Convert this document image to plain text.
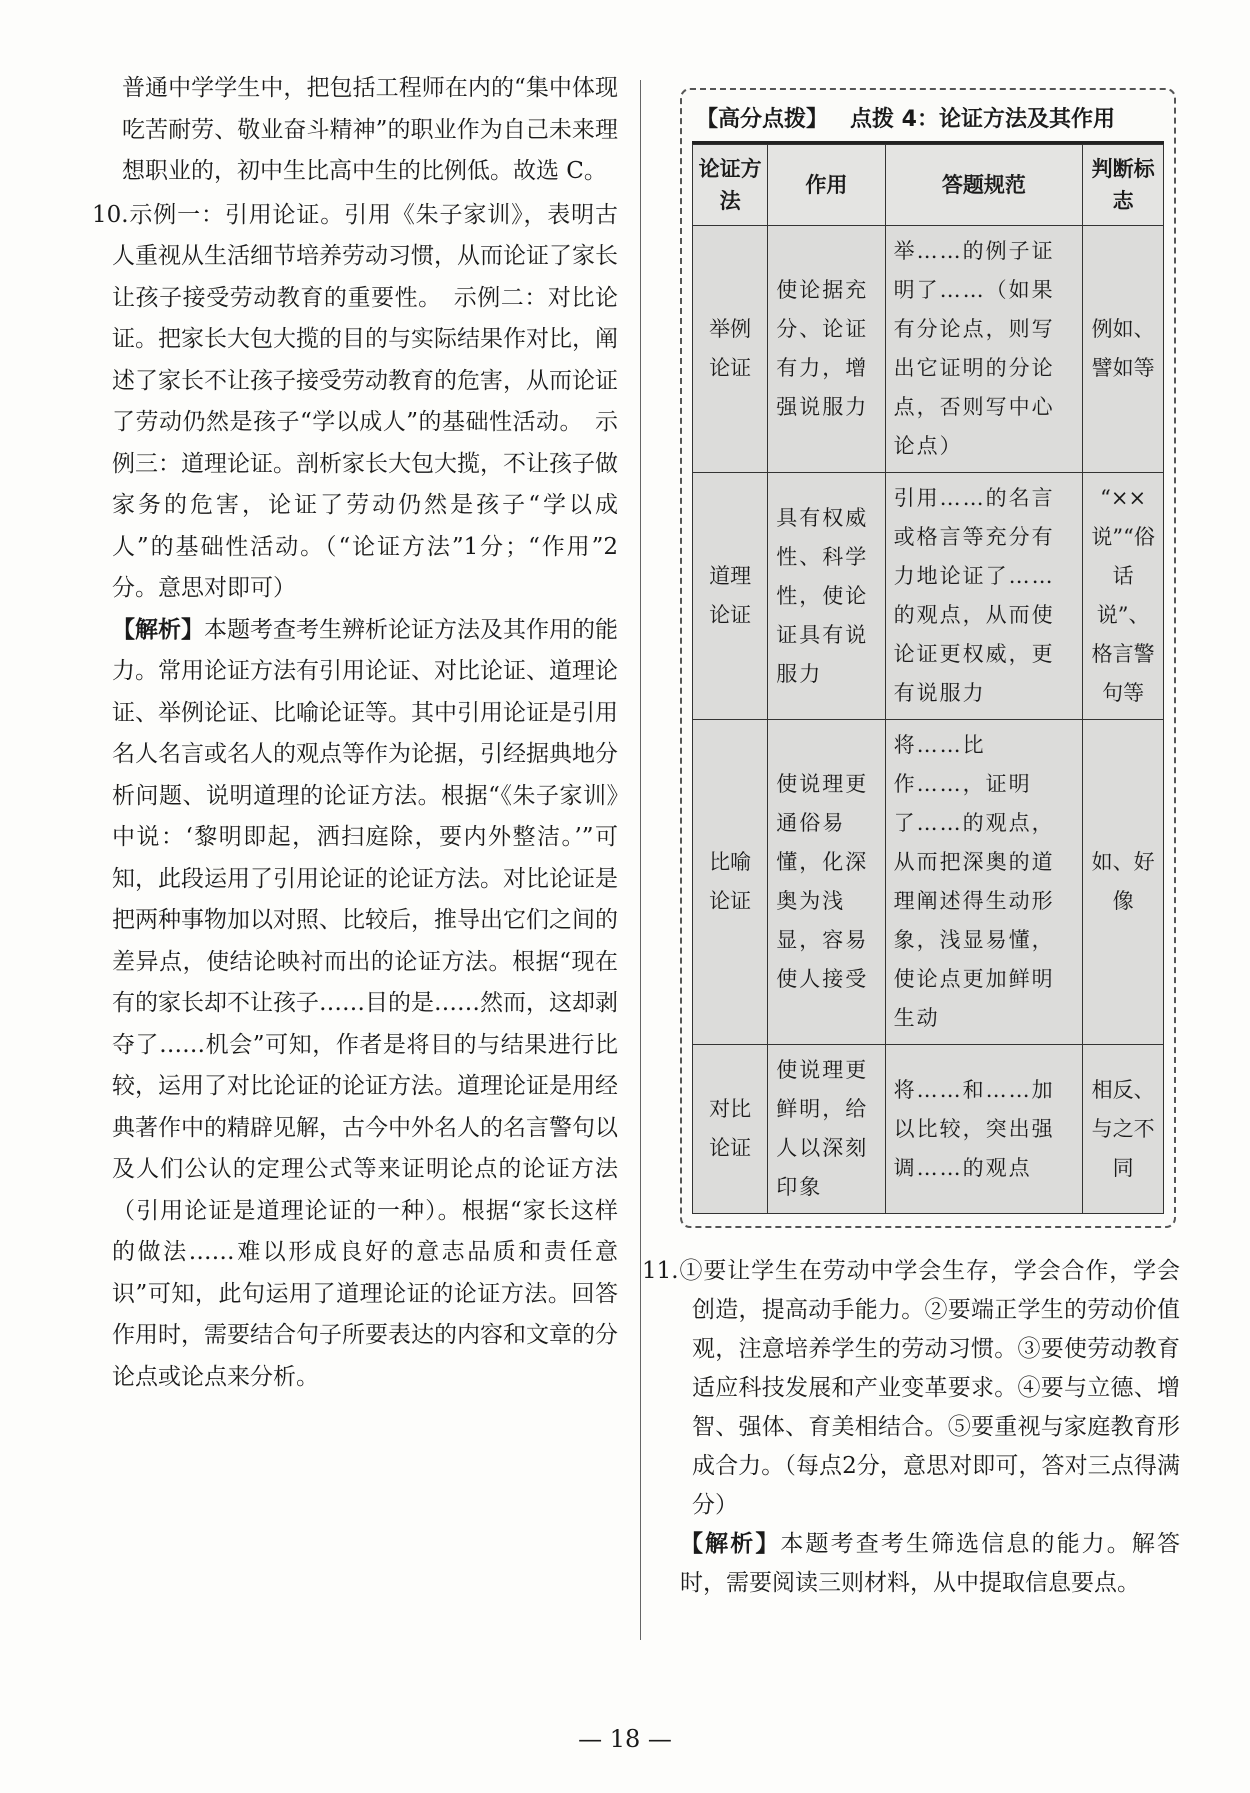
普通中学学生中，把包括工程师在内的“集中体现吃苦耐劳、敬业奋斗精神”的职业作为自己未来理想职业的，初中生比高中生的比例低。故选 C。

10.示例一：引用论证。引用《朱子家训》，表明古人重视从生活细节培养劳动习惯，从而论证了家长让孩子接受劳动教育的重要性。　示例二：对比论证。把家长大包大揽的目的与实际结果作对比，阐述了家长不让孩子接受劳动教育的危害，从而论证了劳动仍然是孩子“学以成人”的基础性活动。　示例三：道理论证。剖析家长大包大揽，不让孩子做家务的危害，论证了劳动仍然是孩子“学以成人”的基础性活动。（“论证方法”1分；“作用”2分。意思对即可）

【解析】本题考查考生辨析论证方法及其作用的能力。常用论证方法有引用论证、对比论证、道理论证、举例论证、比喻论证等。其中引用论证是引用名人名言或名人的观点等作为论据，引经据典地分析问题、说明道理的论证方法。根据“《朱子家训》中说：‘黎明即起，洒扫庭除，要内外整洁。’”可知，此段运用了引用论证的论证方法。对比论证是把两种事物加以对照、比较后，推导出它们之间的差异点，使结论映衬而出的论证方法。根据“现在有的家长却不让孩子……目的是……然而，这却剥夺了……机会”可知，作者是将目的与结果进行比较，运用了对比论证的论证方法。道理论证是用经典著作中的精辟见解，古今中外名人的名言警句以及人们公认的定理公式等来证明论点的论证方法（引用论证是道理论证的一种）。根据“家长这样的做法……难以形成良好的意志品质和责任意识”可知，此句运用了道理论证的论证方法。回答作用时，需要结合句子所要表达的内容和文章的分论点或论点来分析。

【高分点拨】 点拨 4：论证方法及其作用
论证方法	作用	答题规范	判断标志
举例论证	使论据充分、论证有力，增强说服力	举……的例子证明了……（如果有分论点，则写出它证明的分论点，否则写中心论点）	例如、譬如等
道理论证	具有权威性、科学性，使论证具有说服力	引用……的名言或格言等充分有力地论证了……的观点，从而使论证更权威，更有说服力	“××说”“俗话说”、格言警句等
比喻论证	使说理更通俗易懂，化深奥为浅显，容易使人接受	将……比作……，证明了……的观点，从而把深奥的道理阐述得生动形象，浅显易懂，使论点更加鲜明生动	如、好像
对比论证	使说理更鲜明，给人以深刻印象	将……和……加以比较，突出强调……的观点	相反、与之不同

11.①要让学生在劳动中学会生存，学会合作，学会创造，提高动手能力。②要端正学生的劳动价值观，注意培养学生的劳动习惯。③要使劳动教育适应科技发展和产业变革要求。④要与立德、增智、强体、育美相结合。⑤要重视与家庭教育形成合力。（每点2分，意思对即可，答对三点得满分）

【解析】本题考查考生筛选信息的能力。解答时，需要阅读三则材料，从中提取信息要点。

— 18 —
